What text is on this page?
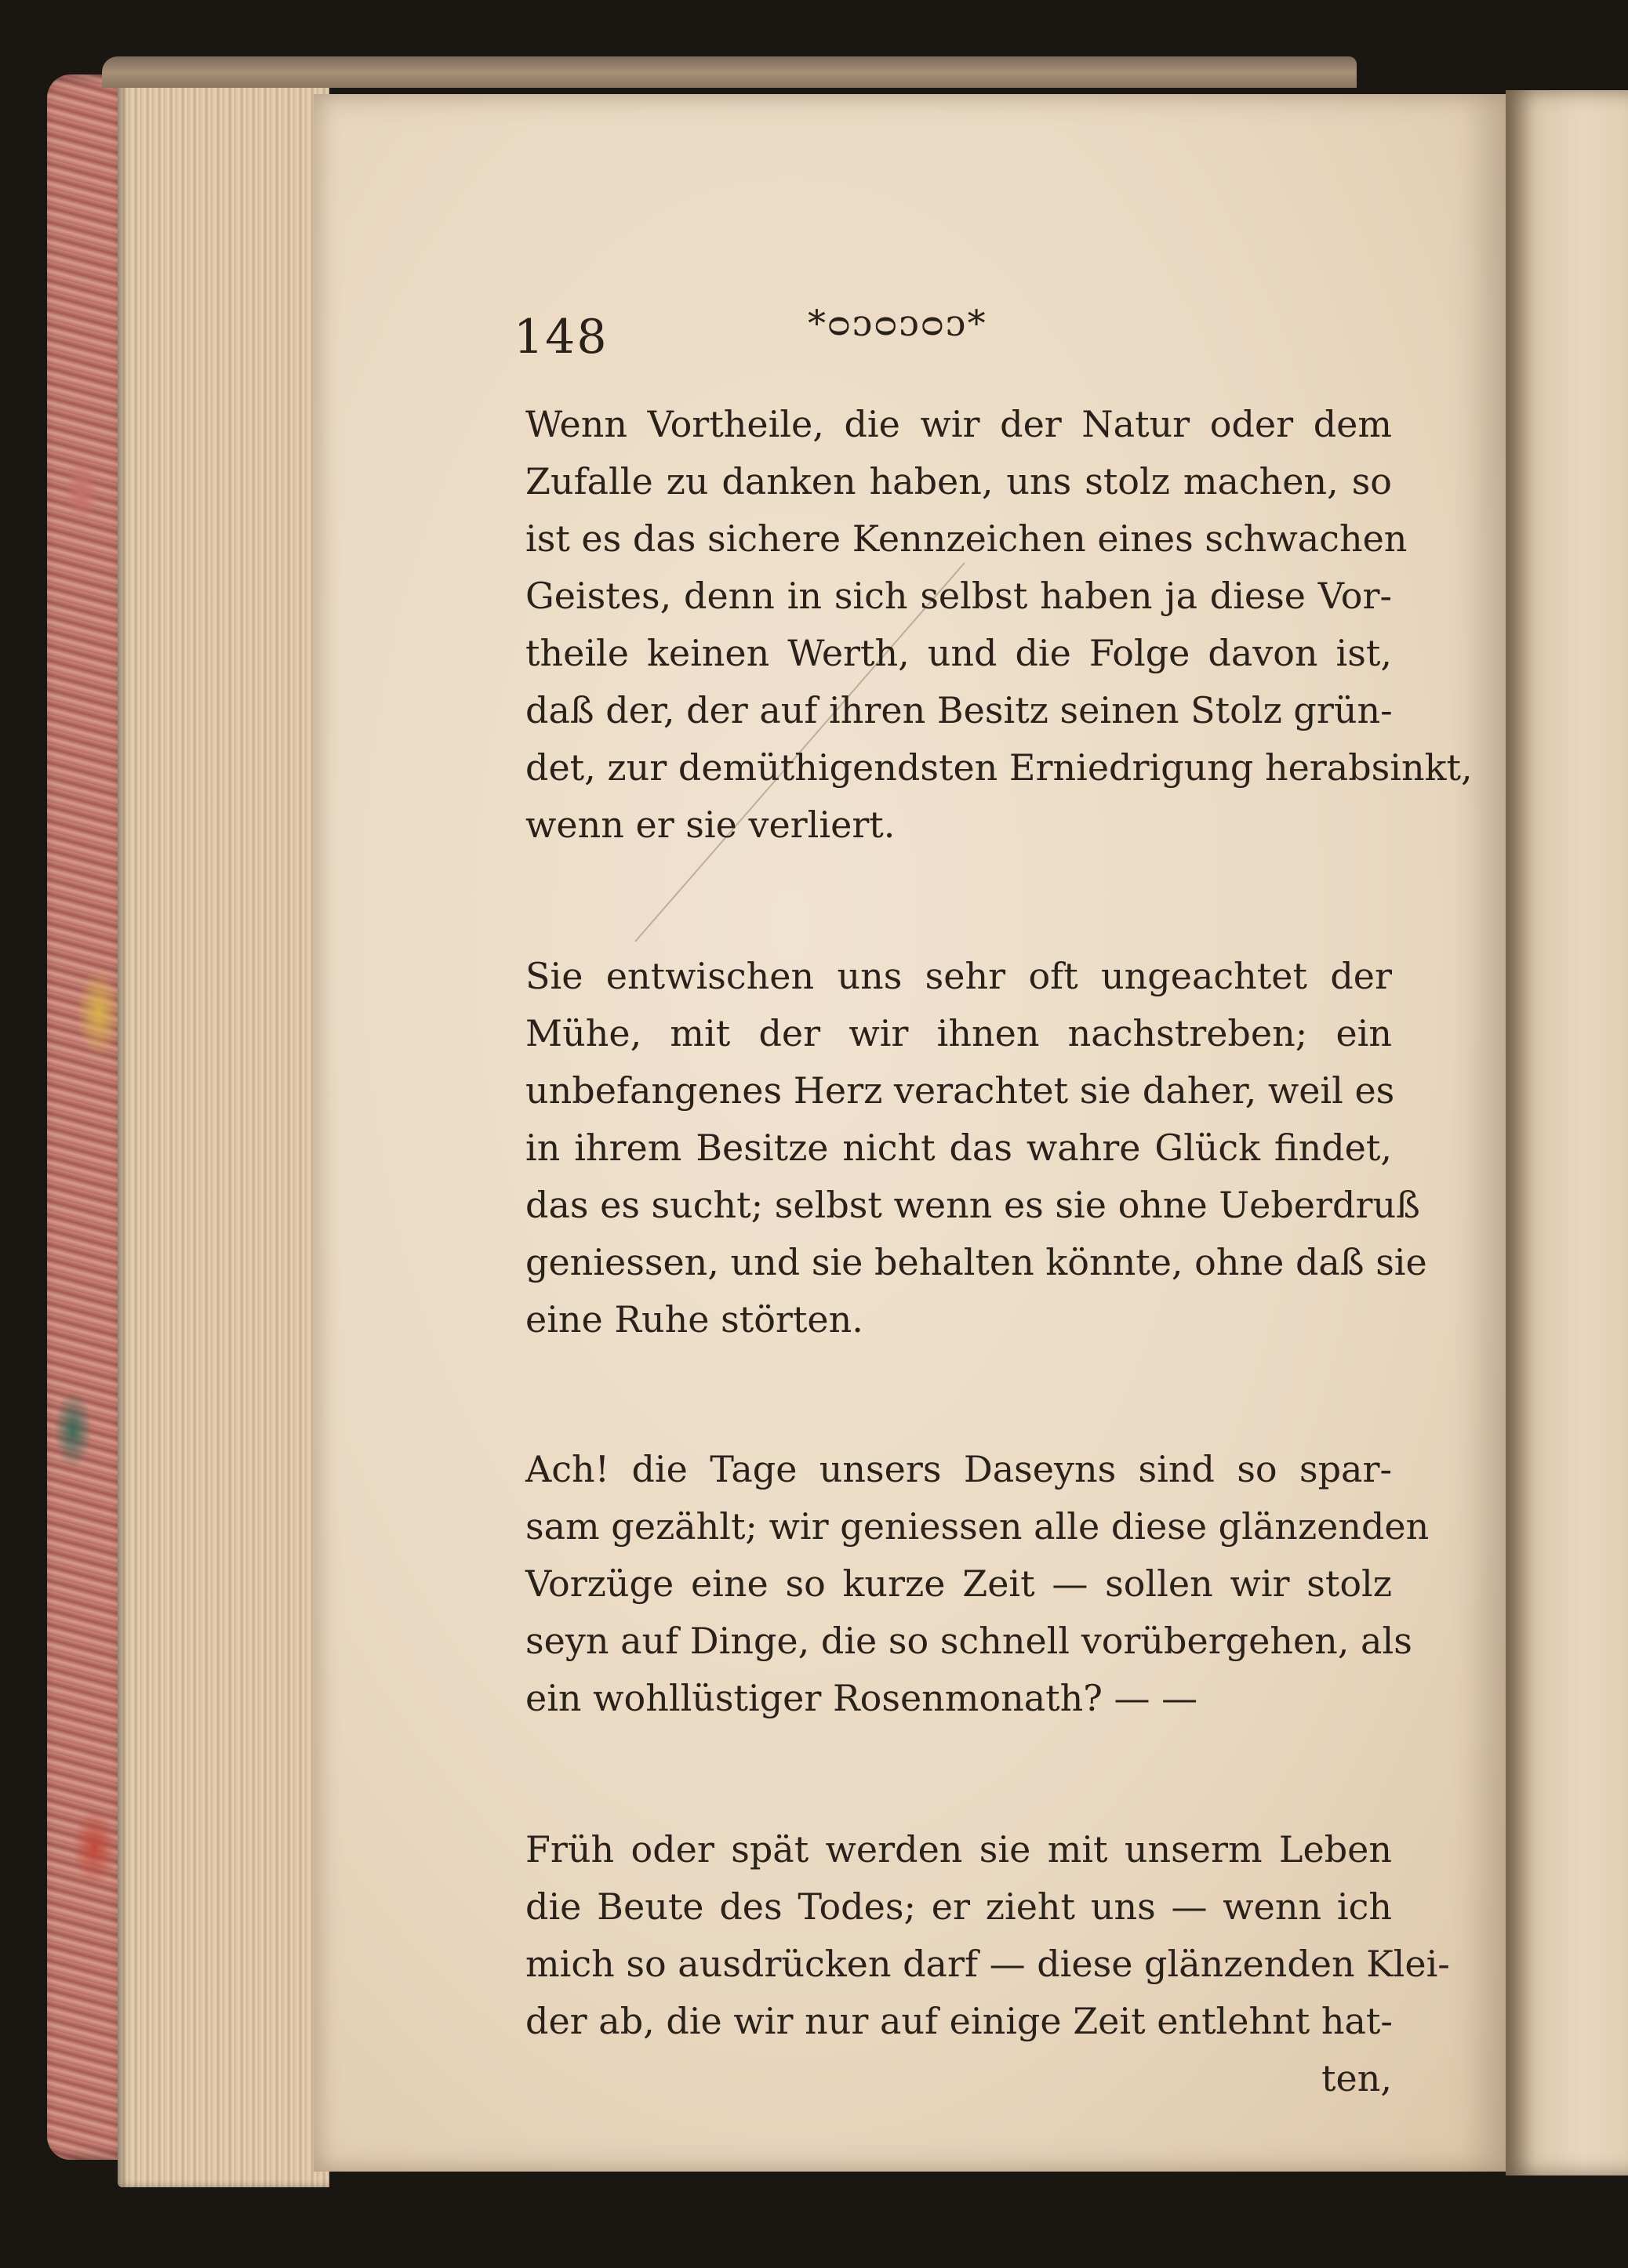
148	*ᴑᴐᴑᴐᴑᴐ*
Wenn Vortheile, die wir der Natur oder dem
Zufalle zu danken haben, uns stolz machen, so
ist es das sichere Kennzeichen eines schwachen
Geistes, denn in sich selbst haben ja diese Vor-
theile keinen Werth, und die Folge davon ist,
daß der, der auf ihren Besitz seinen Stolz grün-
det, zur demüthigendsten Erniedrigung herabsinkt,
wenn er sie verliert.
Sie entwischen uns sehr oft ungeachtet der
Mühe, mit der wir ihnen nachstreben; ein
unbefangenes Herz verachtet sie daher, weil es
in ihrem Besitze nicht das wahre Glück findet,
das es sucht; selbst wenn es sie ohne Ueberdruß
geniessen, und sie behalten könnte, ohne daß sie
eine Ruhe störten.
Ach! die Tage unsers Daseyns sind so spar-
sam gezählt; wir geniessen alle diese glänzenden
Vorzüge eine so kurze Zeit — sollen wir stolz
seyn auf Dinge, die so schnell vorübergehen, als
ein wohllüstiger Rosenmonath? — —
Früh oder spät werden sie mit unserm Leben
die Beute des Todes; er zieht uns — wenn ich
mich so ausdrücken darf — diese glänzenden Klei-
der ab, die wir nur auf einige Zeit entlehnt hat-
ten,
